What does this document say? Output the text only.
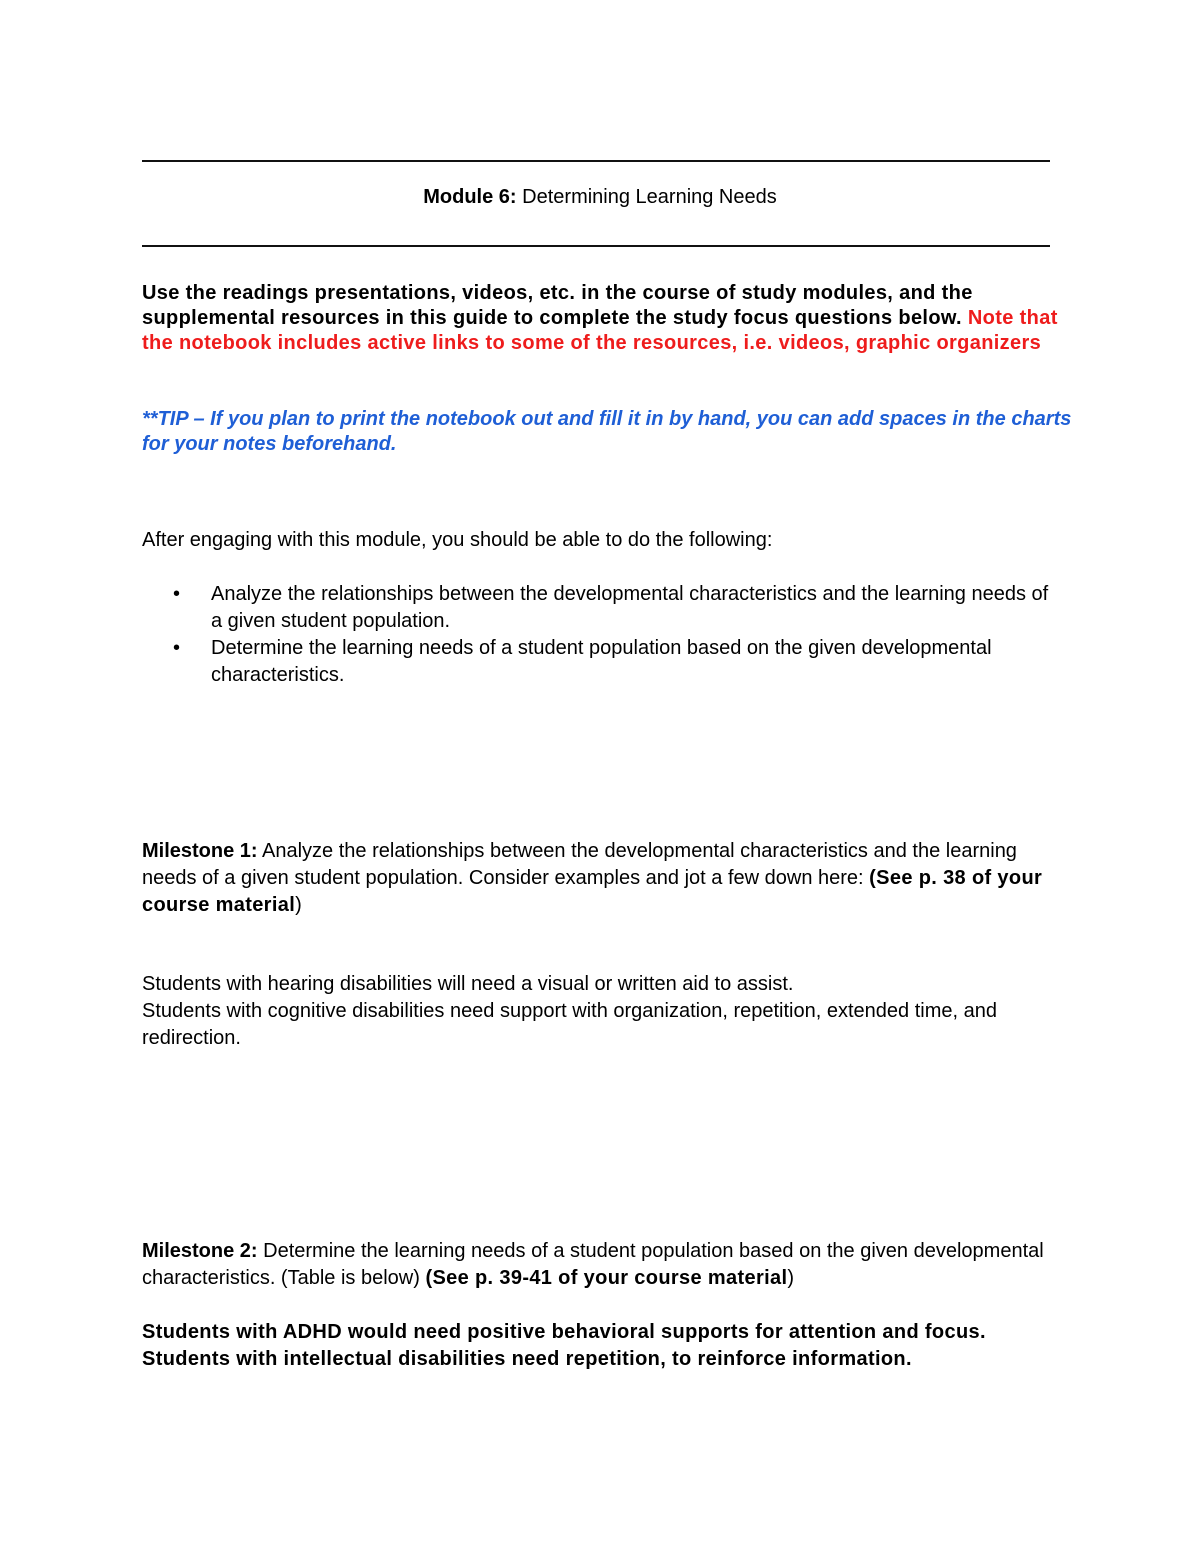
Module 6: Determining Learning Needs
Use the readings presentations, videos, etc. in the course of study modules, and the supplemental resources in this guide to complete the study focus questions below. Note that the notebook includes active links to some of the resources, i.e. videos, graphic organizers
**TIP – If you plan to print the notebook out and fill it in by hand, you can add spaces in the charts for your notes beforehand.
After engaging with this module, you should be able to do the following:
• Analyze the relationships between the developmental characteristics and the learning needs of a given student population.
• Determine the learning needs of a student population based on the given developmental characteristics.
Milestone 1: Analyze the relationships between the developmental characteristics and the learning needs of a given student population. Consider examples and jot a few down here: (See p. 38 of your course material)
Students with hearing disabilities will need a visual or written aid to assist.
Students with cognitive disabilities need support with organization, repetition, extended time, and redirection.
Milestone 2: Determine the learning needs of a student population based on the given developmental characteristics. (Table is below) (See p. 39-41 of your course material)
Students with ADHD would need positive behavioral supports for attention and focus.
Students with intellectual disabilities need repetition, to reinforce information.
